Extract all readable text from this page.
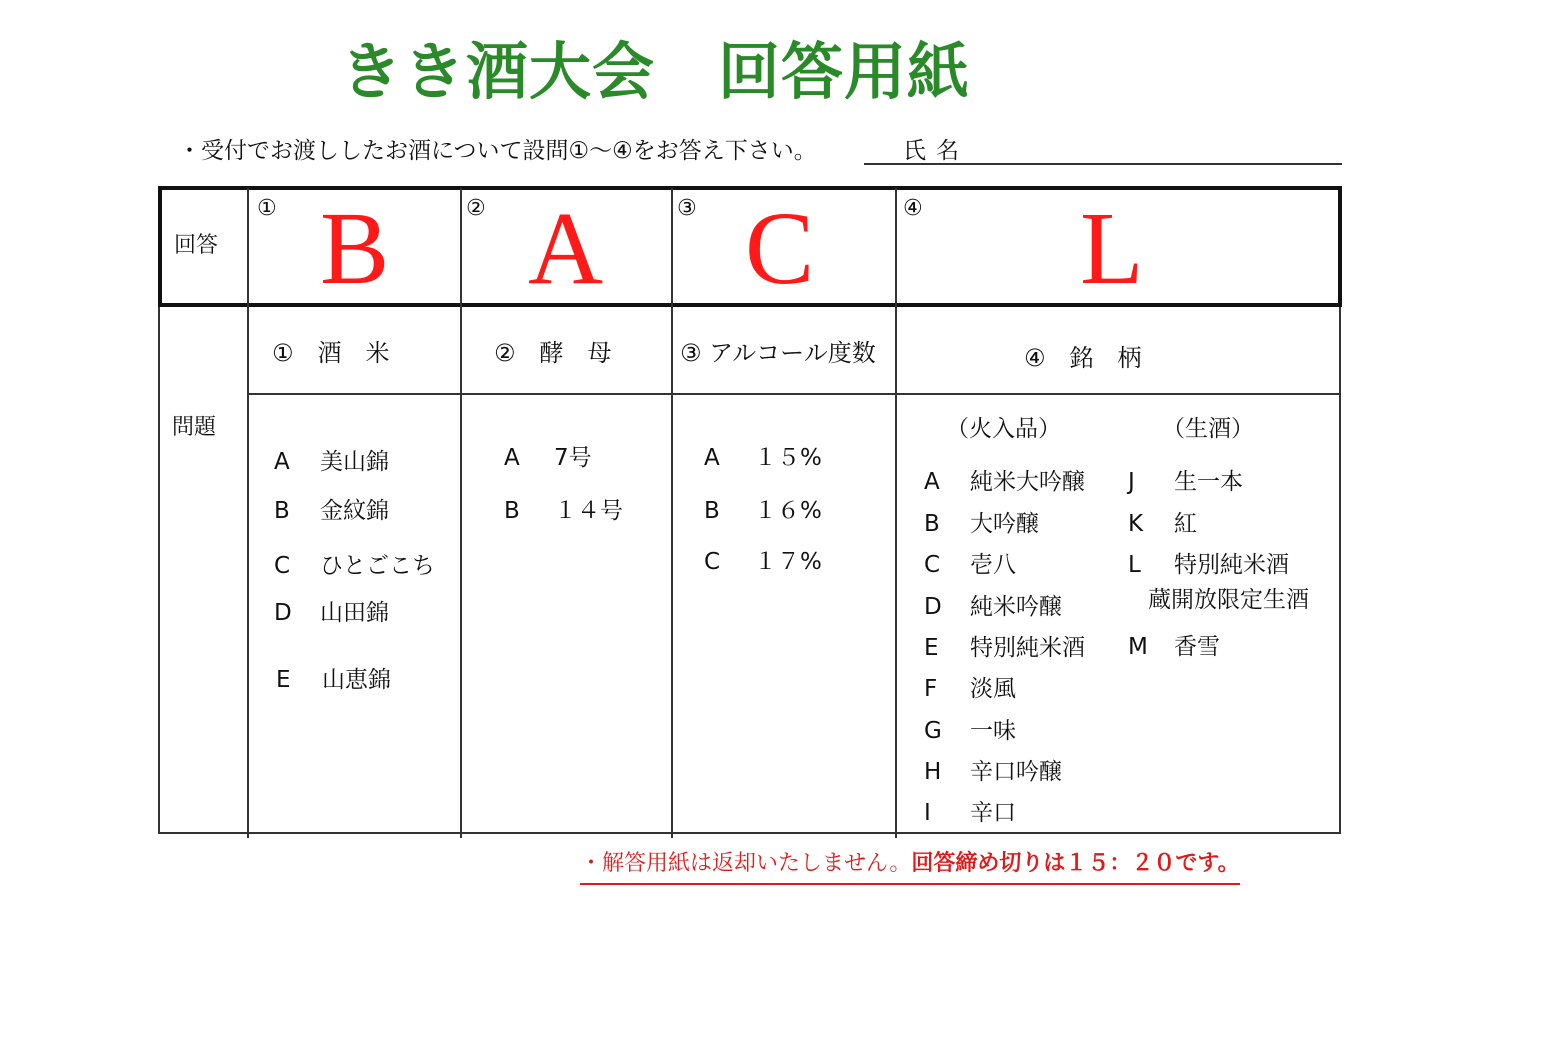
きき酒大会　回答用紙
・受付でお渡ししたお酒について設問①～④をお答え下さい。	氏名
回答
① B	② A	③ C	④ L
問題
①　酒　米	②　酵　母	③ アルコール度数	④　銘　柄
A 美山錦
B 金紋錦
C ひとごこち
D 山田錦
E 山恵錦
A 7号
B １４号
A １５%
B １６%
C １７%
（火入品）	（生酒）
A 純米大吟醸
B 大吟醸
C 壱八
D 純米吟醸
E 特別純米酒
F 淡風
G 一味
H 辛口吟醸
I 辛口
J 生一本
K 紅
L 特別純米酒
蔵開放限定生酒
M 香雪
・解答用紙は返却いたしません。回答締め切りは１５：２０です。
